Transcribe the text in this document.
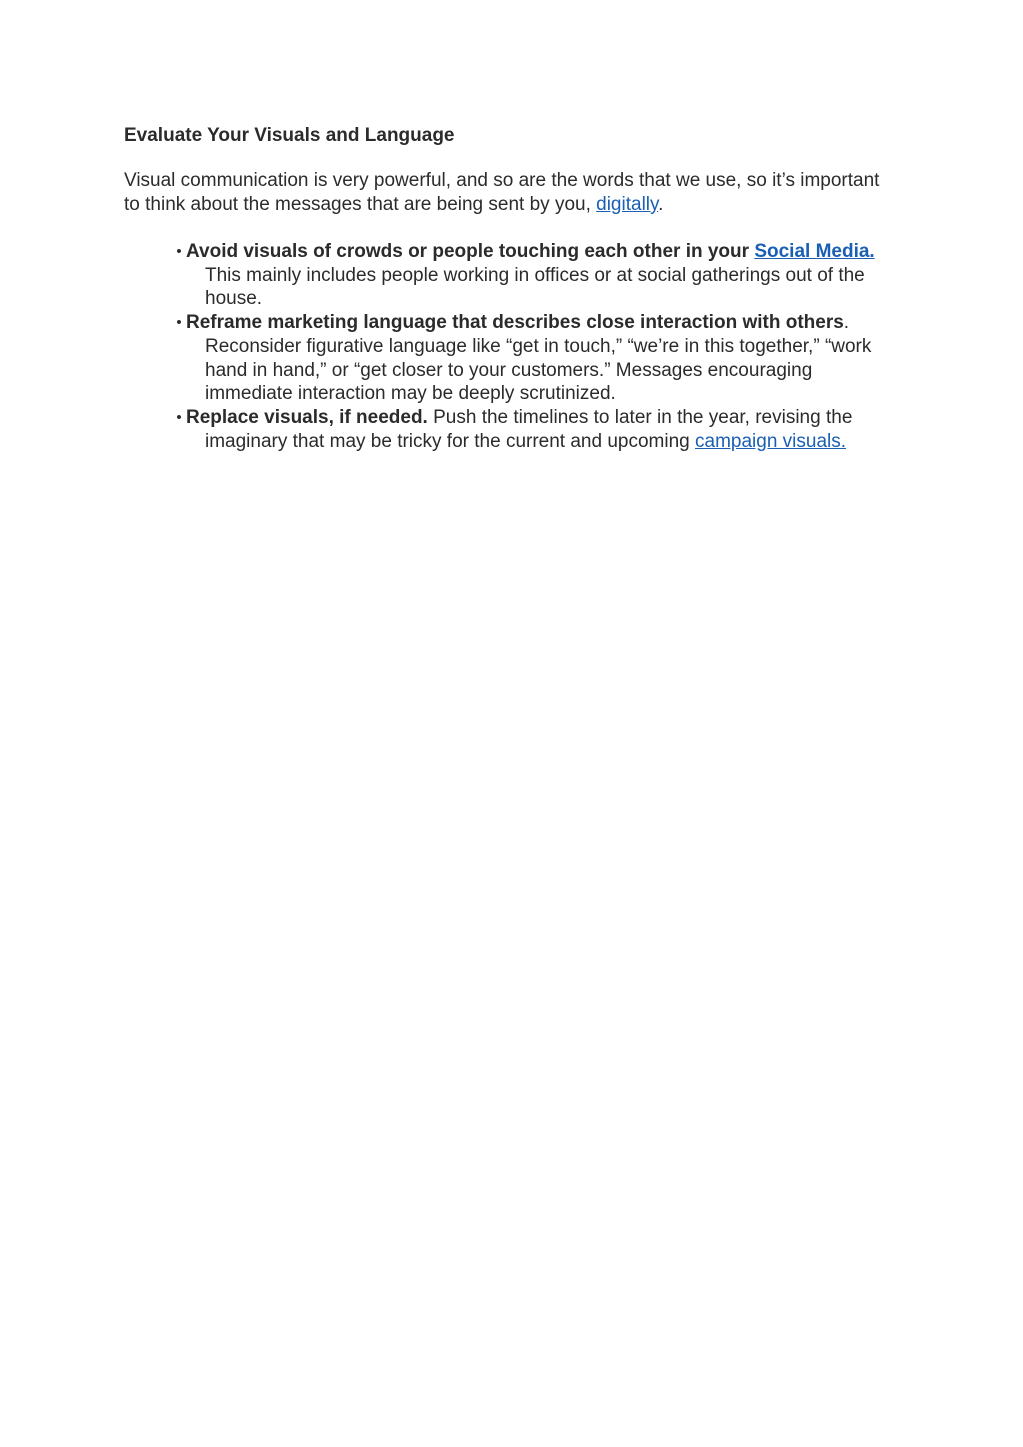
Evaluate Your Visuals and Language

Visual communication is very powerful, and so are the words that we use, so it’s important to think about the messages that are being sent by you, digitally.

• Avoid visuals of crowds or people touching each other in your Social Media. This mainly includes people working in offices or at social gatherings out of the house.
• Reframe marketing language that describes close interaction with others. Reconsider figurative language like “get in touch,” “we’re in this together,” “work hand in hand,” or “get closer to your customers.” Messages encouraging immediate interaction may be deeply scrutinized.
• Replace visuals, if needed. Push the timelines to later in the year, revising the imaginary that may be tricky for the current and upcoming campaign visuals.
